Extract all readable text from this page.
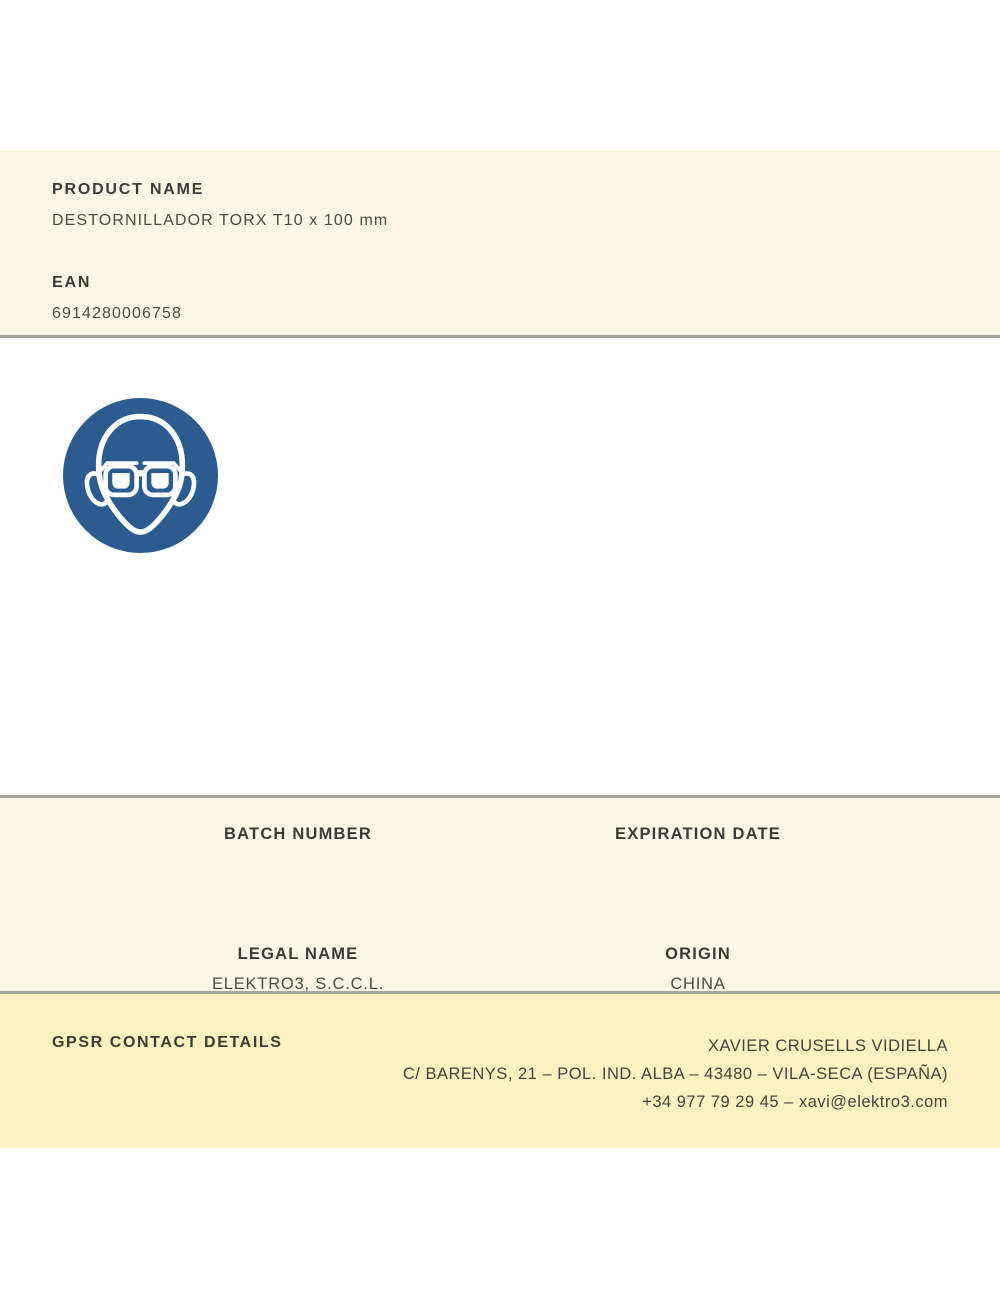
PRODUCT NAME
DESTORNILLADOR TORX T10 x 100 mm
EAN
6914280006758
BATCH NUMBER	EXPIRATION DATE
LEGAL NAME
ELEKTRO3, S.C.C.L.
ORIGIN
CHINA
GPSR CONTACT DETAILS	XAVIER CRUSELLS VIDIELLA
C/ BARENYS, 21 – POL. IND. ALBA – 43480 – VILA-SECA (ESPAÑA)
+34 977 79 29 45 – xavi@elektro3.com
